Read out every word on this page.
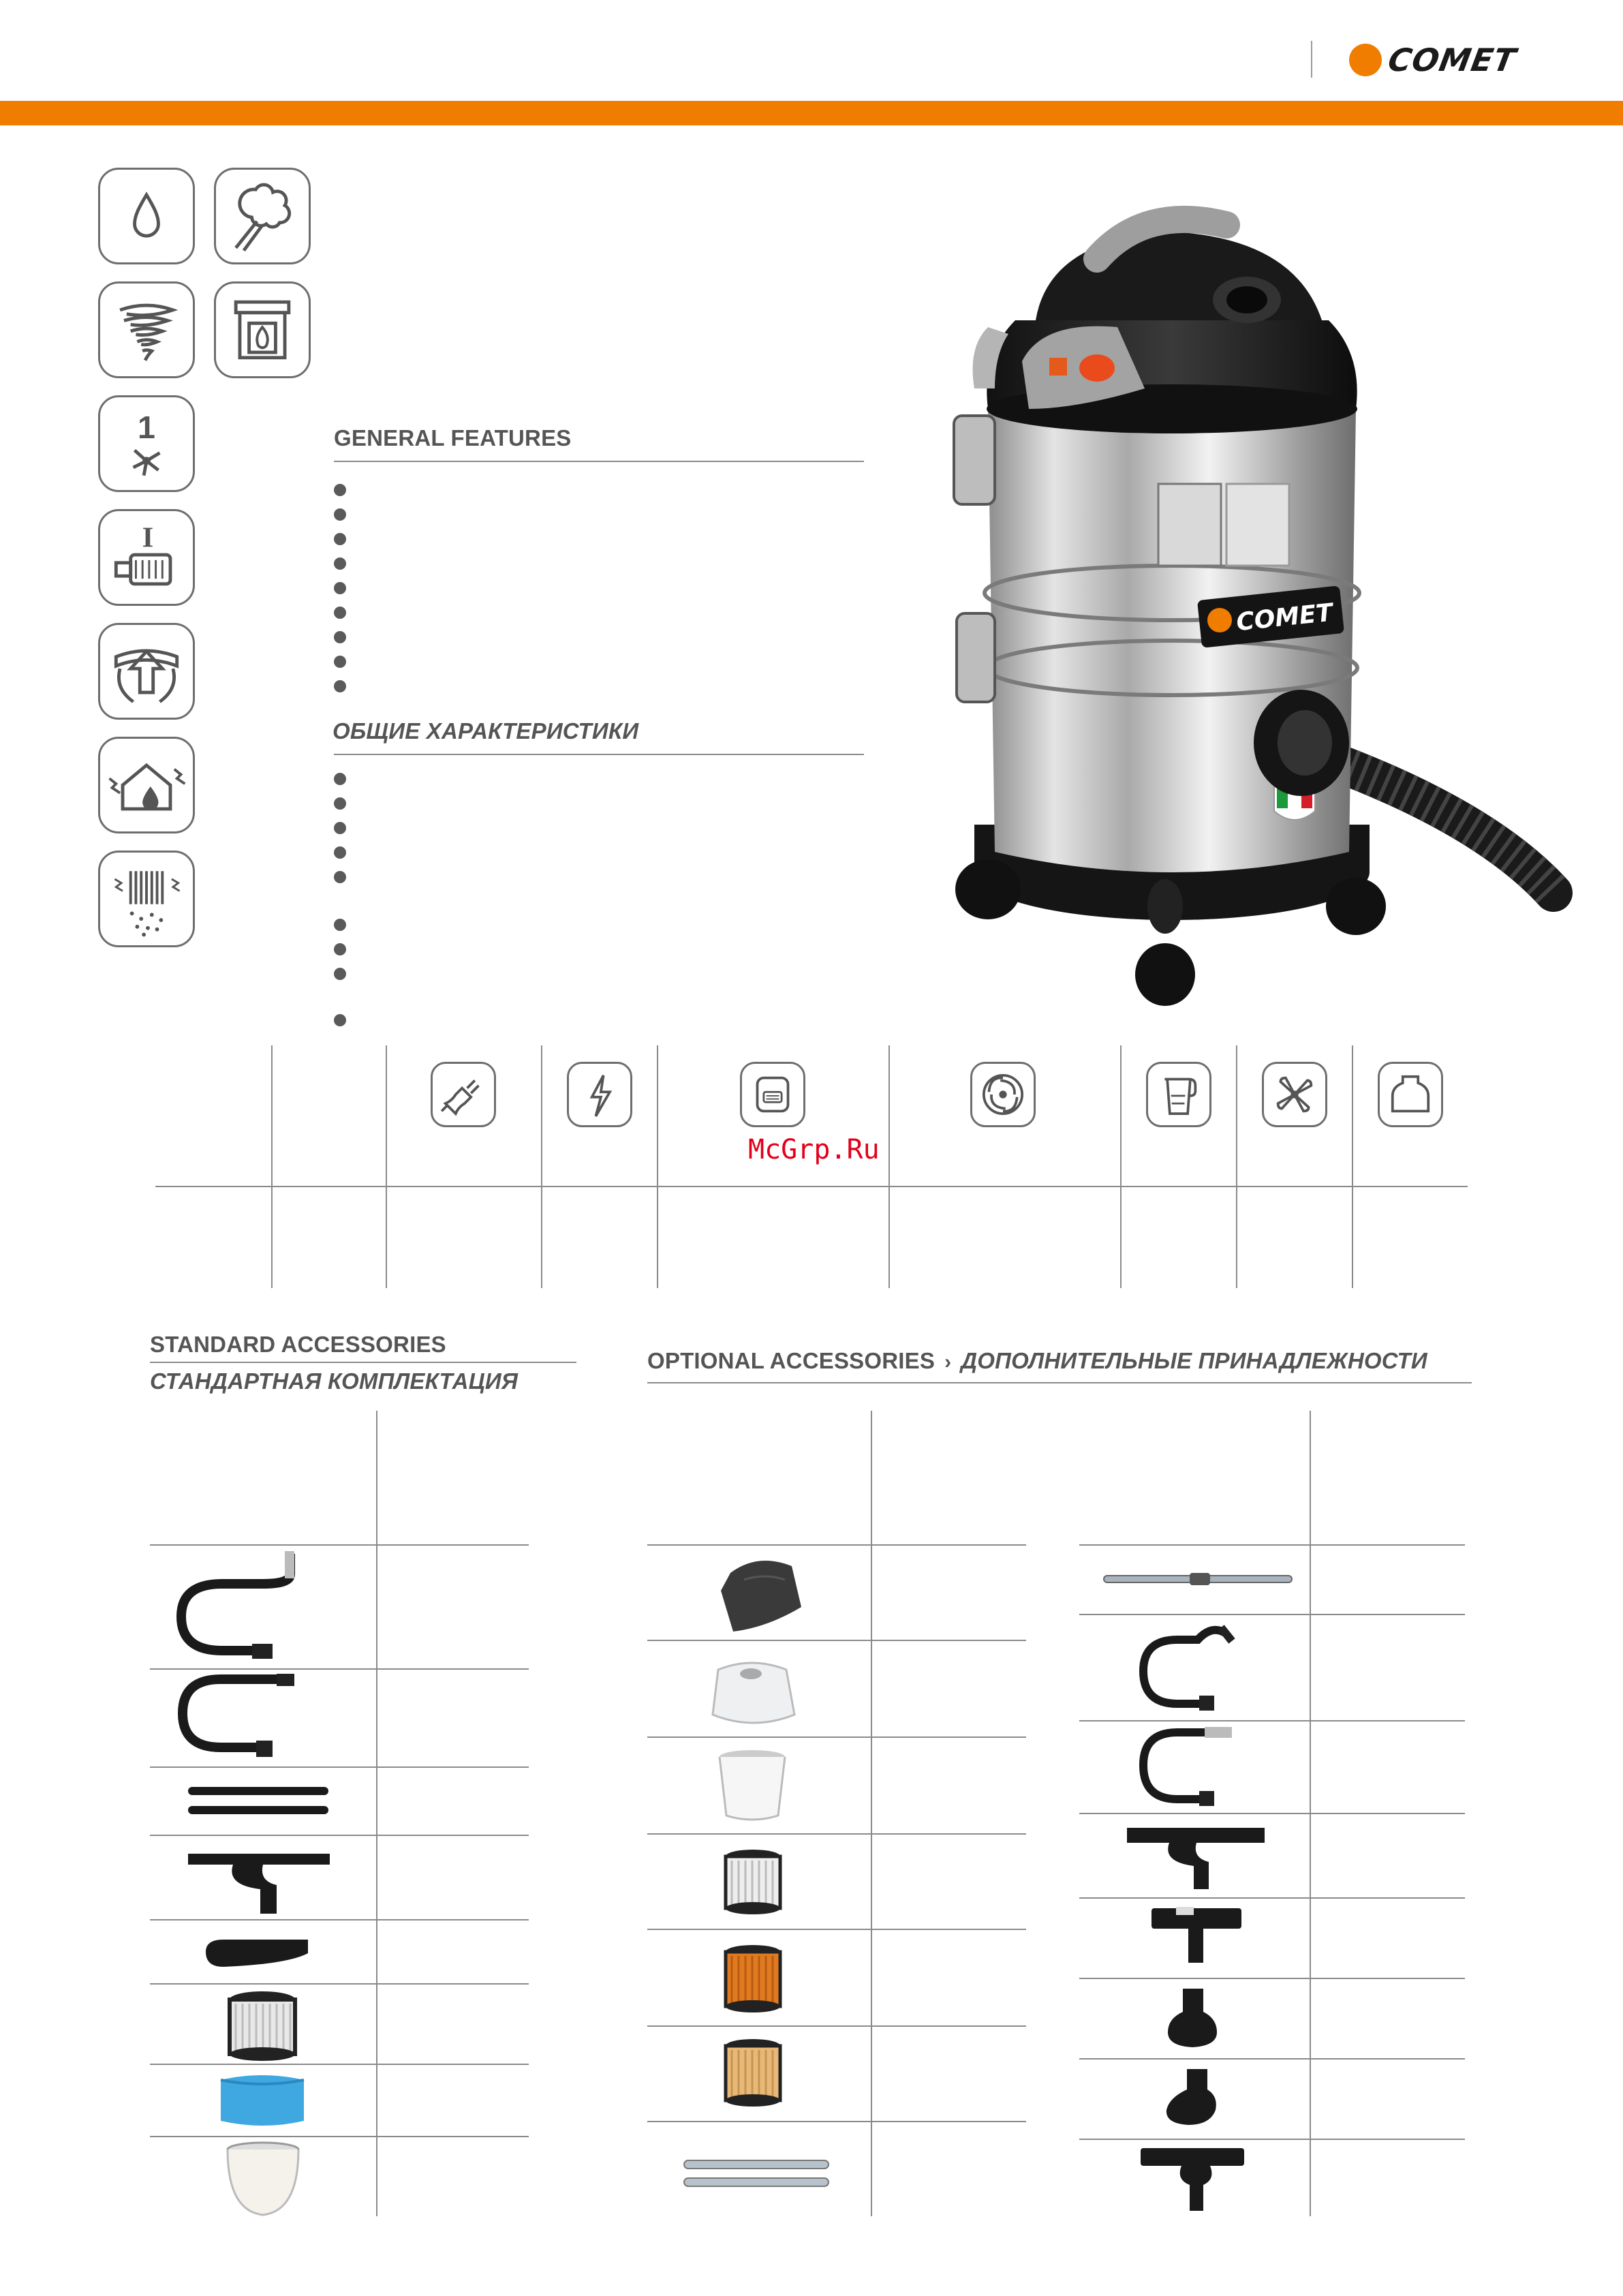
COMET
1
I
GENERAL FEATURES
ОБЩИЕ ХАРАКТЕРИСТИКИ
COMET
McGrp.Ru
STANDARD ACCESSORIES
СТАНДАРТНАЯ КОМПЛЕКТАЦИЯ
OPTIONAL ACCESSORIES › ДОПОЛНИТЕЛЬНЫЕ ПРИНАДЛЕЖНОСТИ
